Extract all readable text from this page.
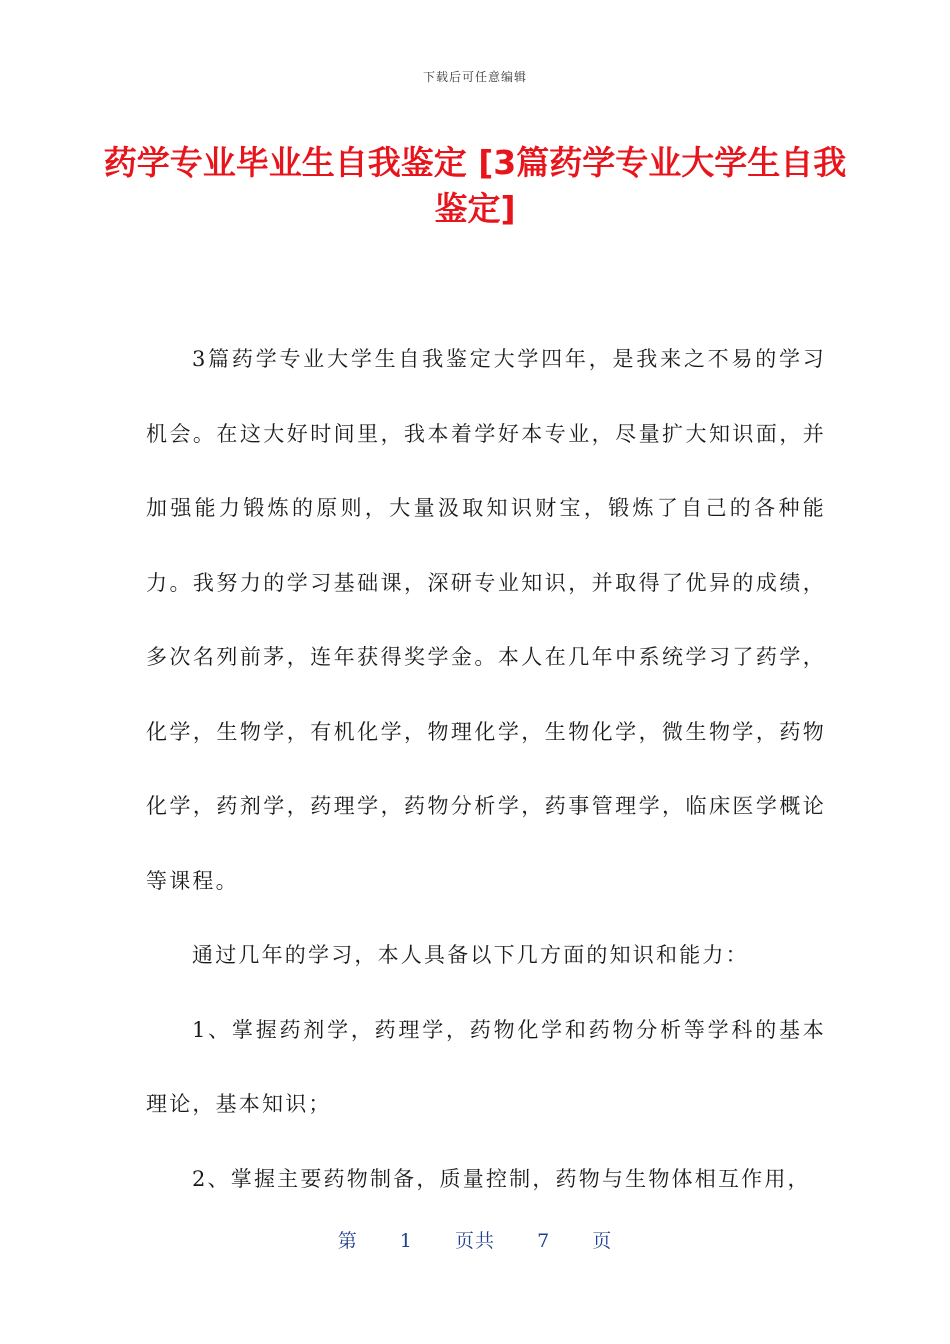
下载后可任意编辑
药学专业毕业生自我鉴定 [3篇药学专业大学生自我鉴定]

3篇药学专业大学生自我鉴定大学四年，是我来之不易的学习机会。在这大好时间里，我本着学好本专业，尽量扩大知识面，并加强能力锻炼的原则，大量汲取知识财宝，锻炼了自己的各种能力。我努力的学习基础课，深研专业知识，并取得了优异的成绩，多次名列前茅，连年获得奖学金。本人在几年中系统学习了药学，化学，生物学，有机化学，物理化学，生物化学，微生物学，药物化学，药剂学，药理学，药物分析学，药事管理学，临床医学概论等课程。

通过几年的学习，本人具备以下几方面的知识和能力：

1、掌握药剂学，药理学，药物化学和药物分析等学科的基本理论，基本知识；

2、掌握主要药物制备，质量控制，药物与生物体相互作用，

第 1 页共 7 页
